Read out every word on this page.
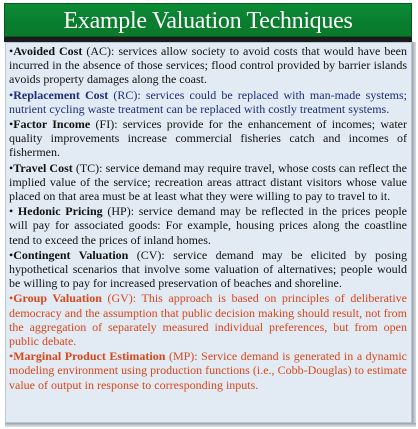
Example Valuation Techniques

•Avoided Cost (AC): services allow society to avoid costs that would have been incurred in the absence of those services; flood control provided by barrier islands avoids property damages along the coast.

•Replacement Cost (RC): services could be replaced with man-made systems; nutrient cycling waste treatment can be replaced with costly treatment systems.

•Factor Income (FI): services provide for the enhancement of incomes; water quality improvements increase commercial fisheries catch and incomes of fishermen.

•Travel Cost (TC): service demand may require travel, whose costs can reflect the implied value of the service; recreation areas attract distant visitors whose value placed on that area must be at least what they were willing to pay to travel to it.

• Hedonic Pricing (HP): service demand may be reflected in the prices people will pay for associated goods: For example, housing prices along the coastline tend to exceed the prices of inland homes.

•Contingent Valuation (CV): service demand may be elicited by posing hypothetical scenarios that involve some valuation of alternatives; people would be willing to pay for increased preservation of beaches and shoreline.

•Group Valuation (GV): This approach is based on principles of deliberative democracy and the assumption that public decision making should result, not from the aggregation of separately measured individual preferences, but from open public debate.

•Marginal Product Estimation (MP): Service demand is generated in a dynamic modeling environment using production functions (i.e., Cobb-Douglas) to estimate value of output in response to corresponding inputs.
